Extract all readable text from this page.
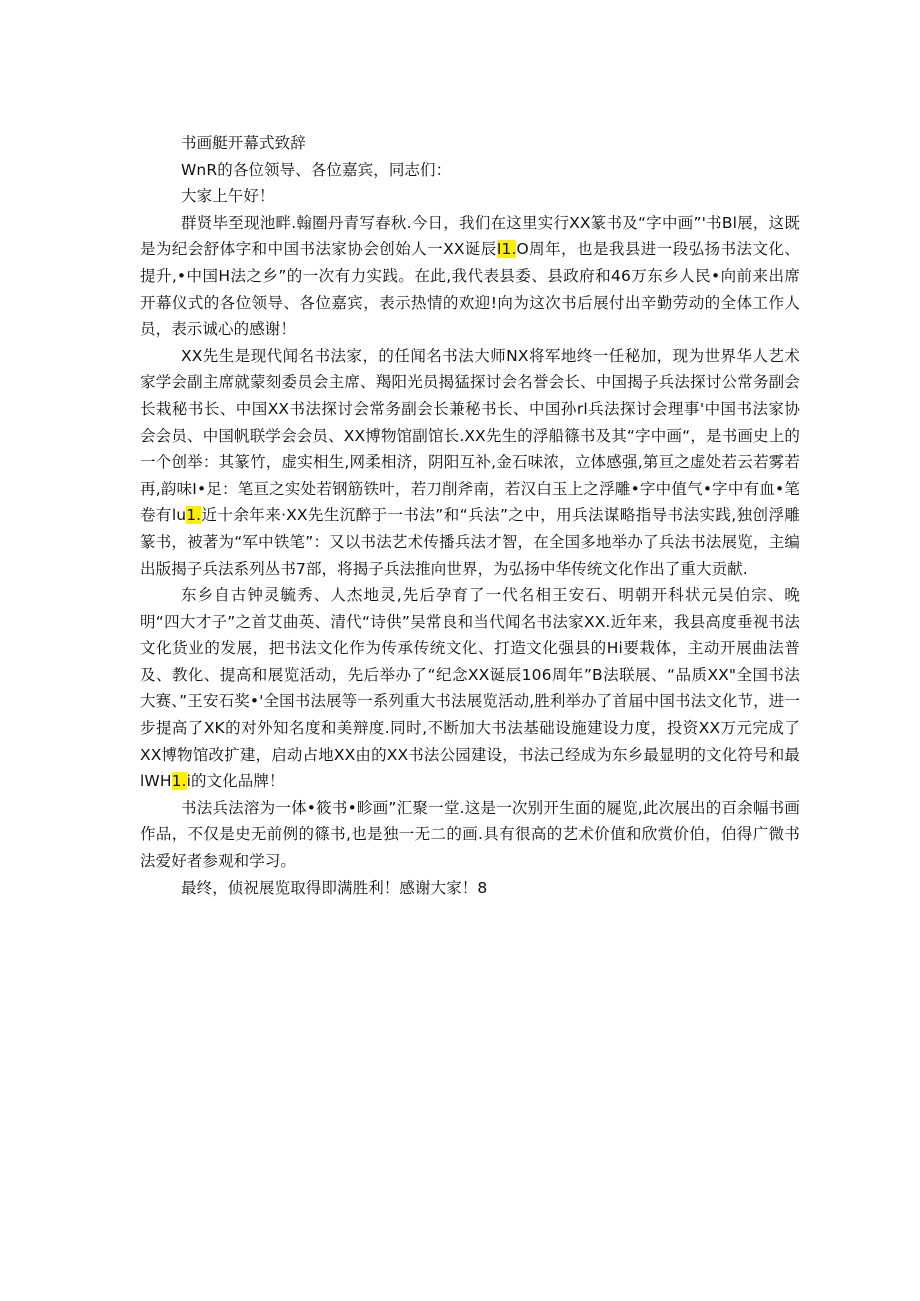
书画艇开幕式致辞

WnR的各位领导、各位嘉宾，同志们：

大家上午好！

群贤毕至现池畔.翰圈丹青写春秋.今日，我们在这里实行XX篆书及“字中画”'书Bl展，这既是为纪会舒体字和中国书法家协会创始人一XX诞辰I1.O周年，也是我县进一段弘扬书法文化、提升,•中国H法之乡”的一次有力实践。在此,我代表县委、县政府和46万东乡人民•向前来出席开幕仪式的各位领导、各位嘉宾，表示热情的欢迎!向为这次书后展付出辛勤劳动的全体工作人员，表示诚心的感谢！

XX先生是现代闻名书法家，的任闻名书法大师NX将军地终一任秘加，现为世界华人艺术家学会副主席就蒙刻委员会主席、羯阳光员揭猛探讨会名誉会长、中国揭子兵法探讨公常务副会长栽秘书长、中国XX书法探讨会常务副会长兼秘书长、中国孙rl兵法探讨会理事'中国书法家协会会员、中国帆联学会会员、XX博物馆副馆长.XX先生的浮船篠书及其“字中画“，是书画史上的一个创举：其篆竹，虚实相生,网柔相济，阴阳互补,金石味浓，立体感强,第亘之虚处若云若雾若再,韵味I•足：笔亘之实处若钢筋铁叶，若刀削斧南，若汉白玉上之浮雕•字中值气•字中有血•笔卷有lu1.近十余年来·XX先生沉醉于一书法”和“兵法”之中，用兵法谋略指导书法实践,独创浮雕篆书，被著为“军中铁笔”：又以书法艺术传播兵法才智，在全国多地举办了兵法书法展览，主编出版揭子兵法系列丛书7部，将揭子兵法推向世界，为弘扬中华传统文化作出了重大贡献.

东乡自古钟灵毓秀、人杰地灵,先后孕育了一代名相王安石、明朝开科状元吴伯宗、晚明“四大才子”之首艾曲英、清代“诗供”吴常良和当代闻名书法家XX.近年来，我县高度垂视书法文化货业的发展，把书法文化作为传承传统文化、打造文化强县的Hi要栽体，主动开展曲法普及、教化、提高和展览活动，先后举办了“纪念XX诞辰106周年”B法联展、“品质XX"全国书法大赛、”王安石奖•'全国书法展等一系列重大书法展览活动,胜利举办了首届中国书法文化节，进一步提高了XK的对外知名度和美辩度.同时,不断加大书法基础设施建设力度，投资XX万元完成了XX博物馆改扩建，启动占地XX由的XX书法公园建设，书法己经成为东乡最显明的文化符号和最lWH1.i的文化品牌！

书法兵法溶为一体•筱书•畛画”汇聚一堂.这是一次别开生面的屣览,此次展出的百余幅书画作品，不仅是史无前例的篠书,也是独一无二的画.具有很高的艺术价值和欣赏价伯，伯得广微书法爱好者参观和学习。

最终，侦祝展览取得即满胜利！感谢大家！8
